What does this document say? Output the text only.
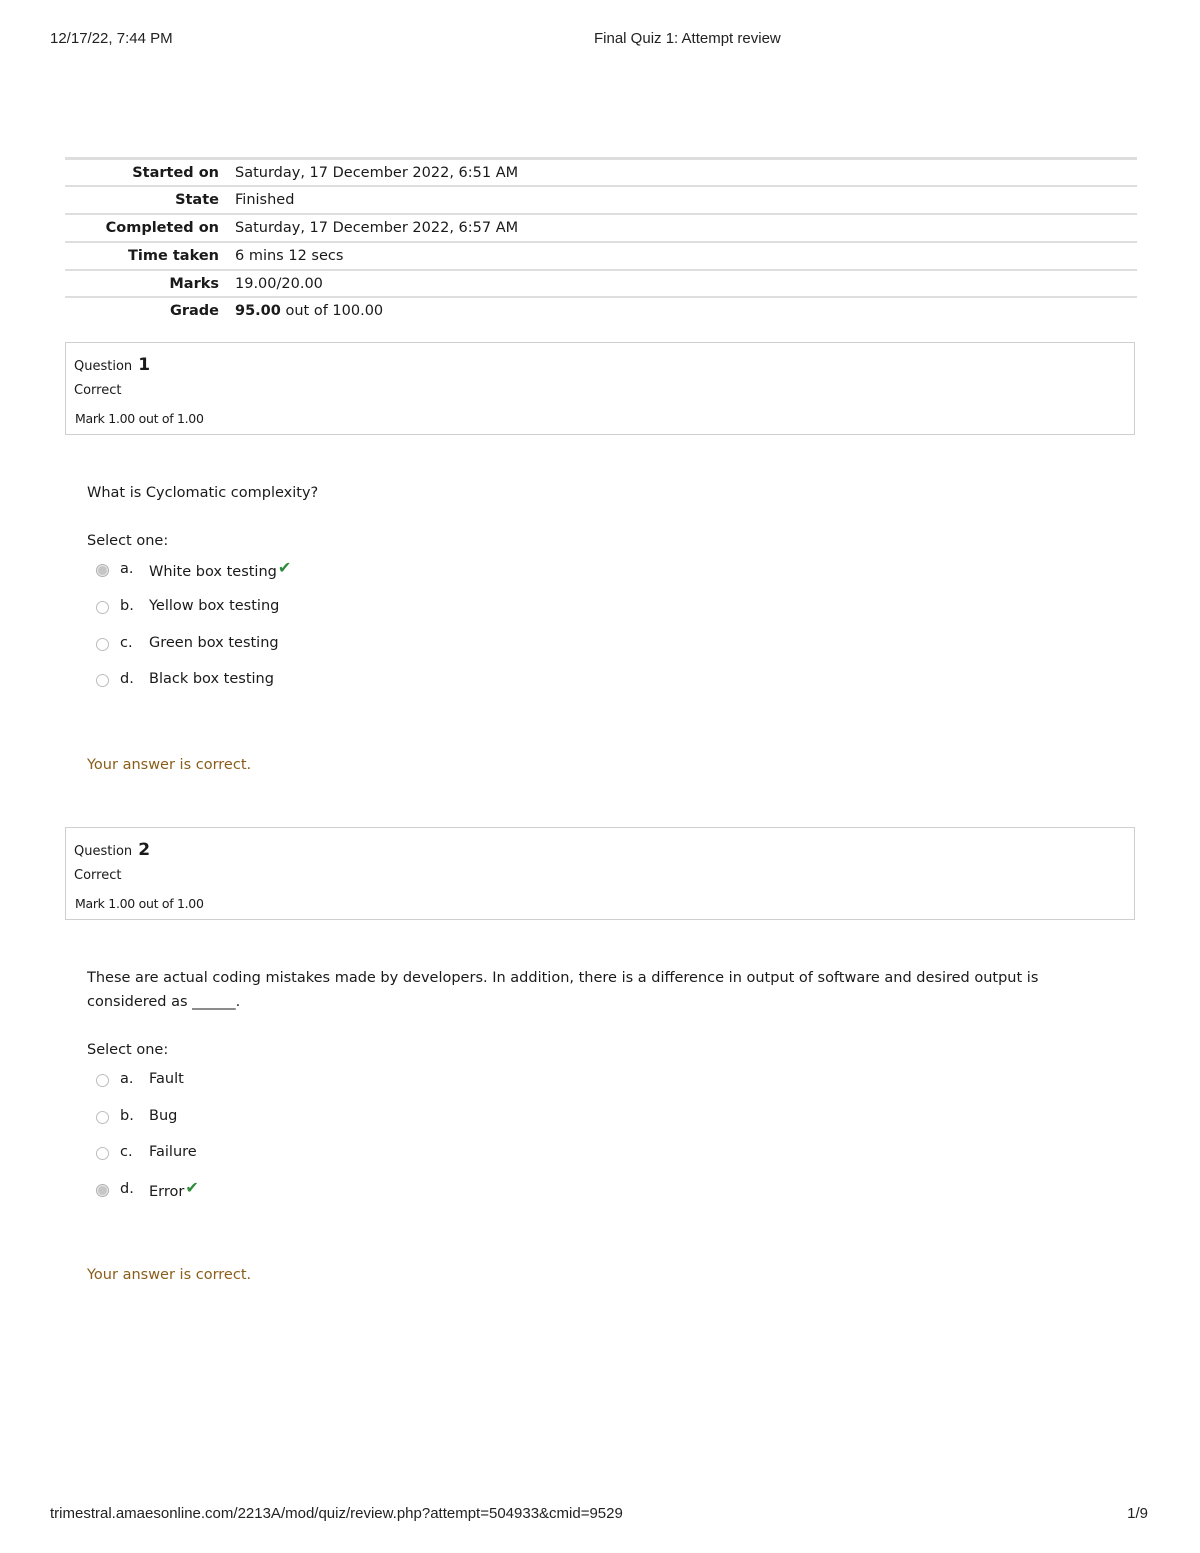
12/17/22, 7:44 PM	Final Quiz 1: Attempt review
Started on	Saturday, 17 December 2022, 6:51 AM
State	Finished
Completed on	Saturday, 17 December 2022, 6:57 AM
Time taken	6 mins 12 secs
Marks	19.00/20.00
Grade	95.00 out of 100.00
Question 1
Correct
Mark 1.00 out of 1.00
What is Cyclomatic complexity?
Select one:
a. White box testing✔
b. Yellow box testing
c. Green box testing
d. Black box testing
Your answer is correct.
Question 2
Correct
Mark 1.00 out of 1.00
These are actual coding mistakes made by developers. In addition, there is a difference in output of software and desired output is considered as ______.
Select one:
a. Fault
b. Bug
c. Failure
d. Error✔
Your answer is correct.
trimestral.amaesonline.com/2213A/mod/quiz/review.php?attempt=504933&cmid=9529	1/9
